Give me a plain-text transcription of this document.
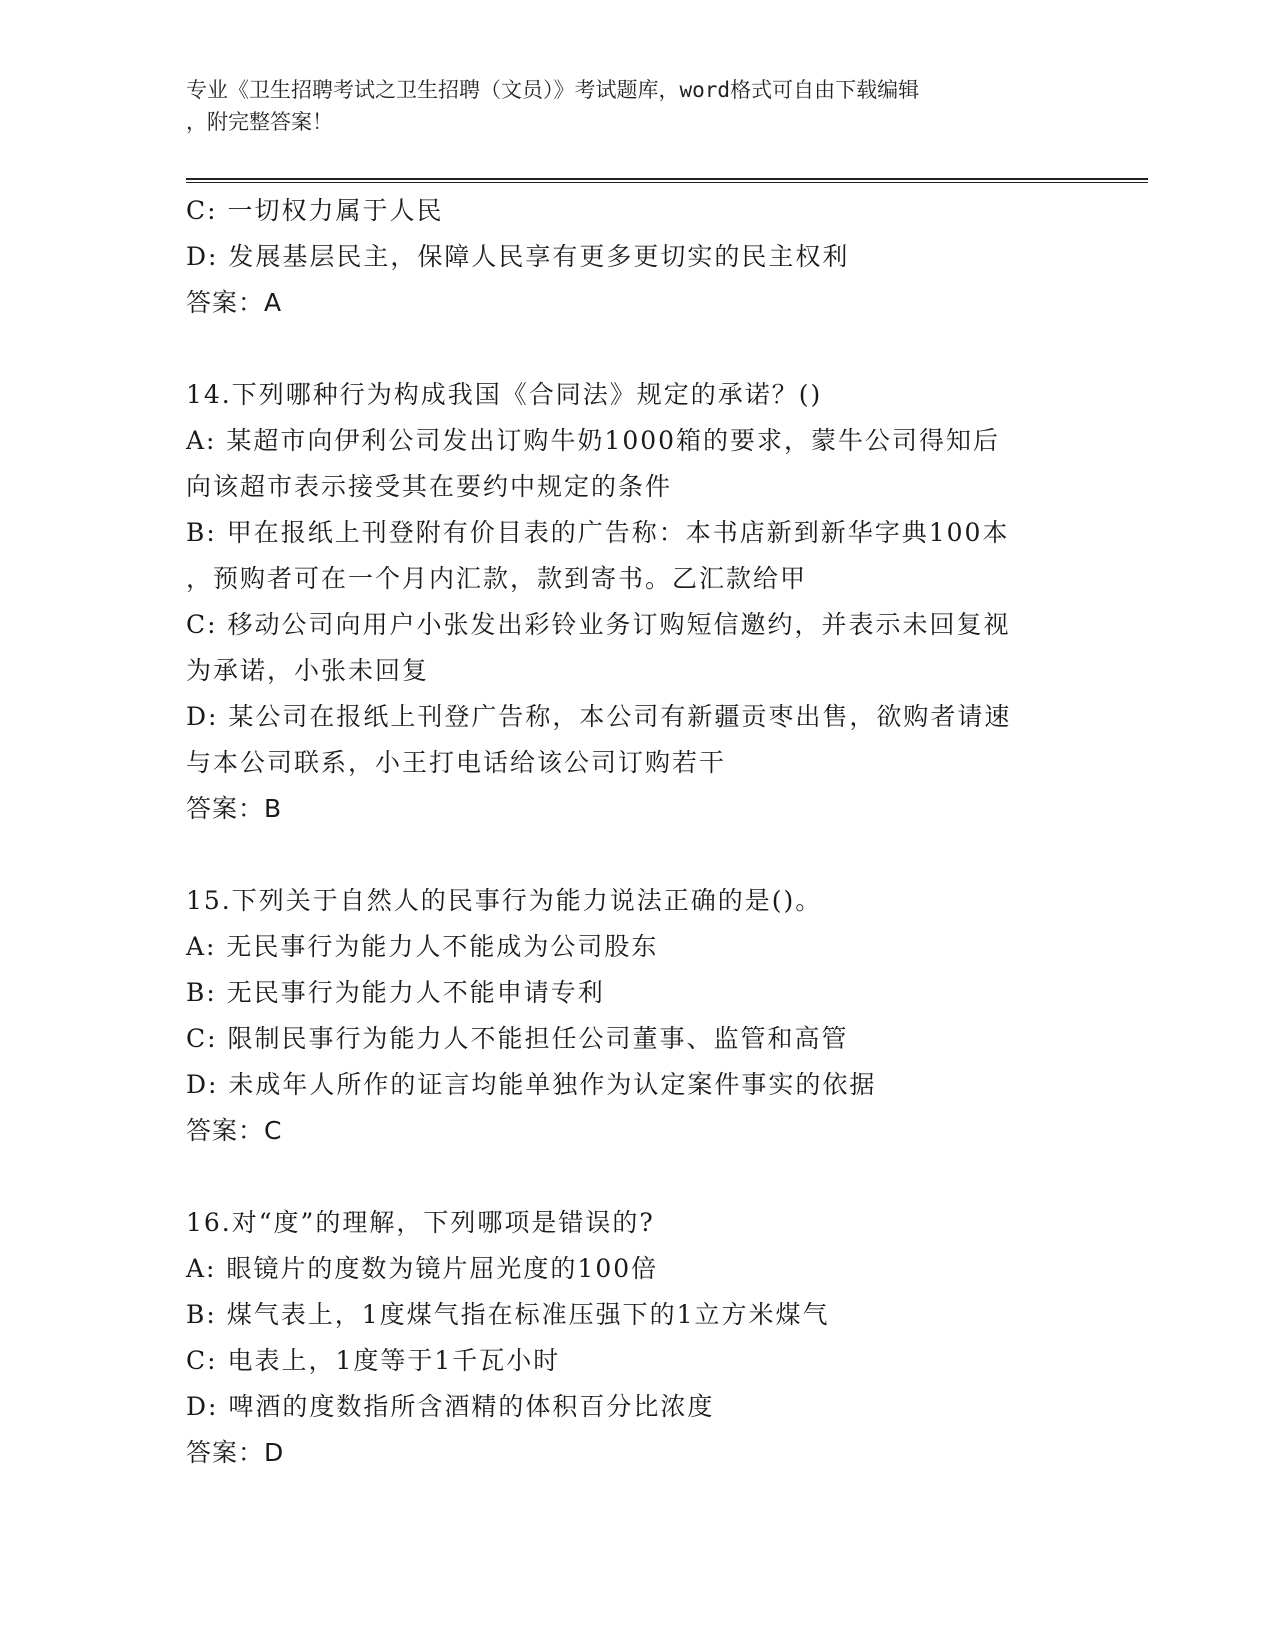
专业《卫生招聘考试之卫生招聘（文员）》考试题库，word格式可自由下载编辑
，附完整答案！
C: 一切权力属于人民
D: 发展基层民主，保障人民享有更多更切实的民主权利
答案：A
14.下列哪种行为构成我国《合同法》规定的承诺？()
A: 某超市向伊利公司发出订购牛奶1000箱的要求，蒙牛公司得知后
向该超市表示接受其在要约中规定的条件
B: 甲在报纸上刊登附有价目表的广告称：本书店新到新华字典100本
，预购者可在一个月内汇款，款到寄书。乙汇款给甲
C: 移动公司向用户小张发出彩铃业务订购短信邀约，并表示未回复视
为承诺，小张未回复
D: 某公司在报纸上刊登广告称，本公司有新疆贡枣出售，欲购者请速
与本公司联系，小王打电话给该公司订购若干
答案：B
15.下列关于自然人的民事行为能力说法正确的是()。
A: 无民事行为能力人不能成为公司股东
B: 无民事行为能力人不能申请专利
C: 限制民事行为能力人不能担任公司董事、监管和高管
D: 未成年人所作的证言均能单独作为认定案件事实的依据
答案：C
16.对“度”的理解，下列哪项是错误的?
A: 眼镜片的度数为镜片屈光度的100倍
B: 煤气表上，1度煤气指在标准压强下的1立方米煤气
C: 电表上，1度等于1千瓦小时
D: 啤酒的度数指所含酒精的体积百分比浓度
答案：D
